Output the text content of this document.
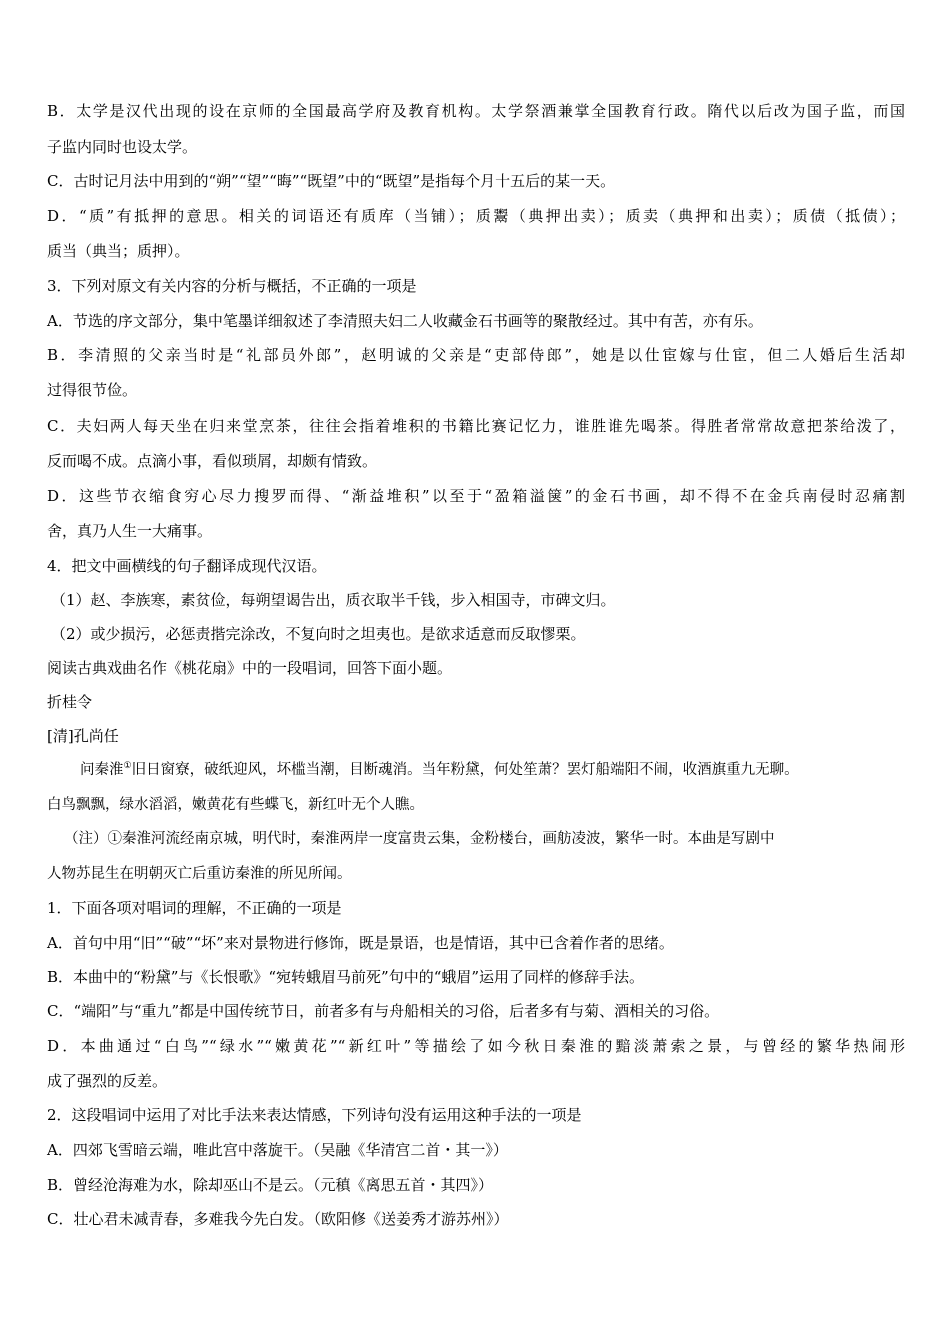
B．太学是汉代出现的设在京师的全国最高学府及教育机构。太学祭酒兼掌全国教育行政。隋代以后改为国子监，而国
子监内同时也设太学。
C．古时记月法中用到的“朔”“望”“晦”“既望”中的“既望”是指每个月十五后的某一天。
D．“质”有抵押的意思。相关的词语还有质库（当铺）；质鬻（典押出卖）；质卖（典押和出卖）；质债（抵债）；
质当（典当；质押）。
3．下列对原文有关内容的分析与概括，不正确的一项是
A．节选的序文部分，集中笔墨详细叙述了李清照夫妇二人收藏金石书画等的聚散经过。其中有苦，亦有乐。
B．李清照的父亲当时是“礼部员外郎”，赵明诚的父亲是“吏部侍郎”，她是以仕宦嫁与仕宦，但二人婚后生活却
过得很节俭。
C．夫妇两人每天坐在归来堂烹茶，往往会指着堆积的书籍比赛记忆力，谁胜谁先喝茶。得胜者常常故意把茶给泼了，
反而喝不成。点滴小事，看似琐屑，却颇有情致。
D．这些节衣缩食穷心尽力搜罗而得、“渐益堆积”以至于“盈箱溢箧”的金石书画，却不得不在金兵南侵时忍痛割
舍，真乃人生一大痛事。
4．把文中画横线的句子翻译成现代汉语。
（1）赵、李族寒，素贫俭，每朔望谒告出，质衣取半千钱，步入相国寺，市碑文归。
（2）或少损污，必惩责揩完涂改，不复向时之坦夷也。是欲求适意而反取憀栗。
阅读古典戏曲名作《桃花扇》中的一段唱词，回答下面小题。
折桂令
[清]孔尚任
问秦淮①旧日窗寮，破纸迎风，坏槛当潮，目断魂消。当年粉黛，何处笙萧？罢灯船端阳不闹，收酒旗重九无聊。
白鸟飘飘，绿水滔滔，嫩黄花有些蝶飞，新红叶无个人瞧。
（注）①秦淮河流经南京城，明代时，秦淮两岸一度富贵云集，金粉楼台，画舫凌波，繁华一时。本曲是写剧中
人物苏昆生在明朝灭亡后重访秦淮的所见所闻。
1．下面各项对唱词的理解，不正确的一项是
A．首句中用“旧”“破”“坏”来对景物进行修饰，既是景语，也是情语，其中已含着作者的思绪。
B．本曲中的“粉黛”与《长恨歌》“宛转蛾眉马前死”句中的“蛾眉”运用了同样的修辞手法。
C．“端阳”与“重九”都是中国传统节日，前者多有与舟船相关的习俗，后者多有与菊、酒相关的习俗。
D．本曲通过“白鸟”“绿水”“嫩黄花”“新红叶”等描绘了如今秋日秦淮的黯淡萧索之景，与曾经的繁华热闹形
成了强烈的反差。
2．这段唱词中运用了对比手法来表达情感，下列诗句没有运用这种手法的一项是
A．四郊飞雪暗云端，唯此宫中落旋干。（吴融《华清宫二首・其一》）
B．曾经沧海难为水，除却巫山不是云。（元稹《离思五首・其四》）
C．壮心君未减青春，多难我今先白发。（欧阳修《送姜秀才游苏州》）
